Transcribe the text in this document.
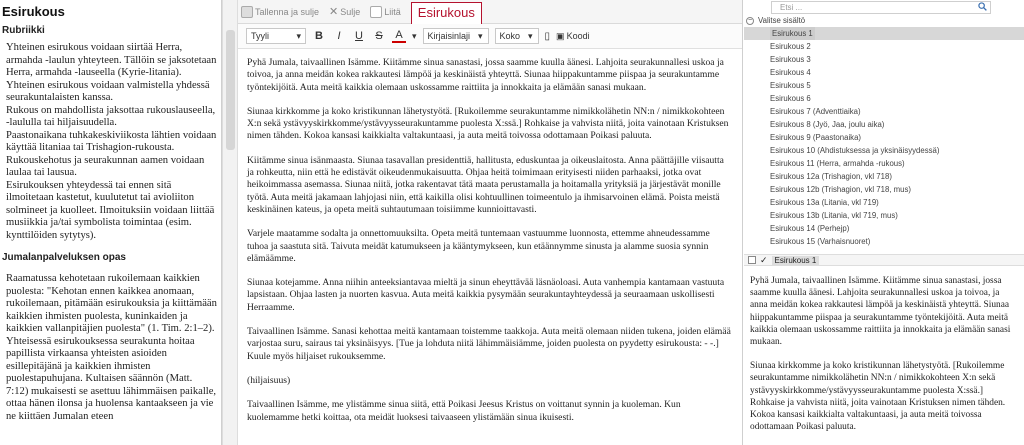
Esirukous
Rubriikki

Yhteinen esirukous voidaan siirtää Herra, armahda -laulun yhteyteen. Tällöin se jaksotetaan Herra, armahda -lauseella (Kyrie-litania).

Yhteinen esirukous voidaan valmistella yhdessä seurakuntalaisten kanssa.

Rukous on mahdollista jaksottaa rukouslauseella, -laululla tai hiljaisuudella.

Paastonaikana tuhkakeskiviikosta lähtien voidaan käyttää litaniaa tai Trishagion-rukousta.

Rukouskehotus ja seurakunnan aamen voidaan laulaa tai lausua.

Esirukouksen yhteydessä tai ennen sitä ilmoitetaan kastetut, kuulutetut tai avioliiton solmineet ja kuolleet. Ilmoituksiin voidaan liittää musiikkia ja/tai symbolista toimintaa (esim. kynttilöiden sytytys).

Jumalanpalveluksen opas

Raamatussa kehotetaan rukoilemaan kaikkien puolesta: "Kehotan ennen kaikkea anomaan, rukoilemaan, pitämään esirukouksia ja kiittämään kaikkien ihmisten puolesta, kuninkaiden ja kaikkien vallanpitäjien puolesta" (1. Tim. 2:1–2). Yhteisessä esirukouksessa seurakunta hoitaa papillista virkaansa yhteisten asioiden esillepitäjänä ja kaikkien ihmisten puolestapuhujana. Kultaisen säännön (Matt. 7:12) mukaisesti se asettuu lähimmäisen paikalle, ottaa hänen ilonsa ja huolensa kantaakseen ja vie ne kiittäen Jumalan eteen

Tallenna ja sulje ✕ Sulje	Liitä	Esirukous
Tyyli	▾ B	I	U	S	A	▾ Kirjaisinlaji ▾ Koko ▾ ▯ ▣ Koodi

Pyhä Jumala, taivaallinen Isämme. Kiitämme sinua sanastasi, jossa saamme kuulla äänesi. Lahjoita seurakunnallesi uskoa ja toivoa, ja anna meidän kokea rakkautesi lämpöä ja keskinäistä yhteyttä. Siunaa hiippakuntamme piispaa ja seurakuntamme työntekijöitä. Auta meitä kaikkia olemaan uskossamme raittiita ja innokkaita ja elämään sanasi mukaan.

Siunaa kirkkomme ja koko kristikunnan lähetystyötä. [Rukoilemme seurakuntamme nimikkolähetin NN:n / nimikkokohteen X:n sekä ystävyyskirkkomme/ystävyysseurakuntamme puolesta X:ssä.] Rohkaise ja vahvista niitä, joita vainotaan Kristuksen nimen tähden. Kokoa kansasi kaikkialta valtakuntaasi, ja auta meitä toivossa odottamaan Poikasi paluuta.

Kiitämme sinua isänmaasta. Siunaa tasavallan presidenttiä, hallitusta, eduskuntaa ja oikeuslaitosta. Anna päättäjille viisautta ja rohkeutta, niin että he edistävät oikeudenmukaisuutta. Ohjaa heitä toimimaan erityisesti niiden parhaaksi, jotka ovat heikoimmassa asemassa. Siunaa niitä, jotka rakentavat tätä maata perustamalla ja hoitamalla yrityksiä ja järjestävät monille työtä. Auta meitä jakamaan lahjojasi niin, että kaikilla olisi kohtuullinen toimeentulo ja ihmisarvoinen elämä. Poista meistä keskinäinen kateus, ja opeta meitä suhtautumaan toisiimme kunnioittavasti.

Varjele maatamme sodalta ja onnettomuuksilta. Opeta meitä tuntemaan vastuumme luonnosta, ettemme ahneudessamme tuhoa ja saastuta sitä. Taivuta meidät katumukseen ja kääntymykseen, kun etäännymme sinusta ja alamme suosia synnin elämäämme.

Siunaa kotejamme. Anna niihin anteeksiantavaa mieltä ja sinun eheyttävää läsnäoloasi. Auta vanhempia kantamaan vastuuta lapsistaan. Ohjaa lasten ja nuorten kasvua. Auta meitä kaikkia pysymään seurakuntayhteydessä ja seuraamaan uskollisesti Herraamme.

Taivaallinen Isämme. Sanasi kehottaa meitä kantamaan toistemme taakkoja. Auta meitä olemaan niiden tukena, joiden elämää varjostaa suru, sairaus tai yksinäisyys. [Tue ja lohduta niitä lähimmäisiämme, joiden puolesta on pyydetty esirukousta: - -.] Kuule myös hiljaiset rukouksemme.

(hiljaisuus)

Taivaallinen Isämme, me ylistämme sinua siitä, että Poikasi Jeesus Kristus on voittanut synnin ja kuoleman. Kun kuolemamme hetki koittaa, ota meidät luoksesi taivaaseen ylistämään sinua ikuisesti.

Etsi ...
− Valitse sisältö
Esirukous 1
Esirukous 2
Esirukous 3
Esirukous 4
Esirukous 5
Esirukous 6
Esirukous 7 (Adventtiaika)
Esirukous 8 (Jyö, Jaa, joulu aika)
Esirukous 9 (Paastonaika)
Esirukous 10 (Ahdistuksessa ja yksinäisyydessä)
Esirukous 11 (Herra, armahda -rukous)
Esirukous 12a (Trishagion, vkl 718)
Esirukous 12b (Trishagion, vkl 718, mus)
Esirukous 13a (Litania, vkl 719)
Esirukous 13b (Litania, vkl 719, mus)
Esirukous 14 (Perhejp)
Esirukous 15 (Varhaisnuoret)
✓ Esirukous 1

Pyhä Jumala, taivaallinen Isämme. Kiitämme sinua sanastasi, jossa saamme kuulla äänesi. Lahjoita seurakunnallesi uskoa ja toivoa, ja anna meidän kokea rakkautesi lämpöä ja keskinäistä yhteyttä. Siunaa hiippakuntamme piispaa ja seurakuntamme työntekijöitä. Auta meitä kaikkia olemaan uskossamme raittiita ja innokkaita ja elämään sanasi mukaan.

Siunaa kirkkomme ja koko kristikunnan lähetystyötä. [Rukoilemme seurakuntamme nimikkolähetin NN:n / nimikkokohteen X:n sekä ystävyyskirkkomme/ystävyysseurakuntamme puolesta X:ssä.] Rohkaise ja vahvista niitä, joita vainotaan Kristuksen nimen tähden. Kokoa kansasi kaikkialta valtakuntaasi, ja auta meitä toivossa odottamaan Poikasi paluuta.
